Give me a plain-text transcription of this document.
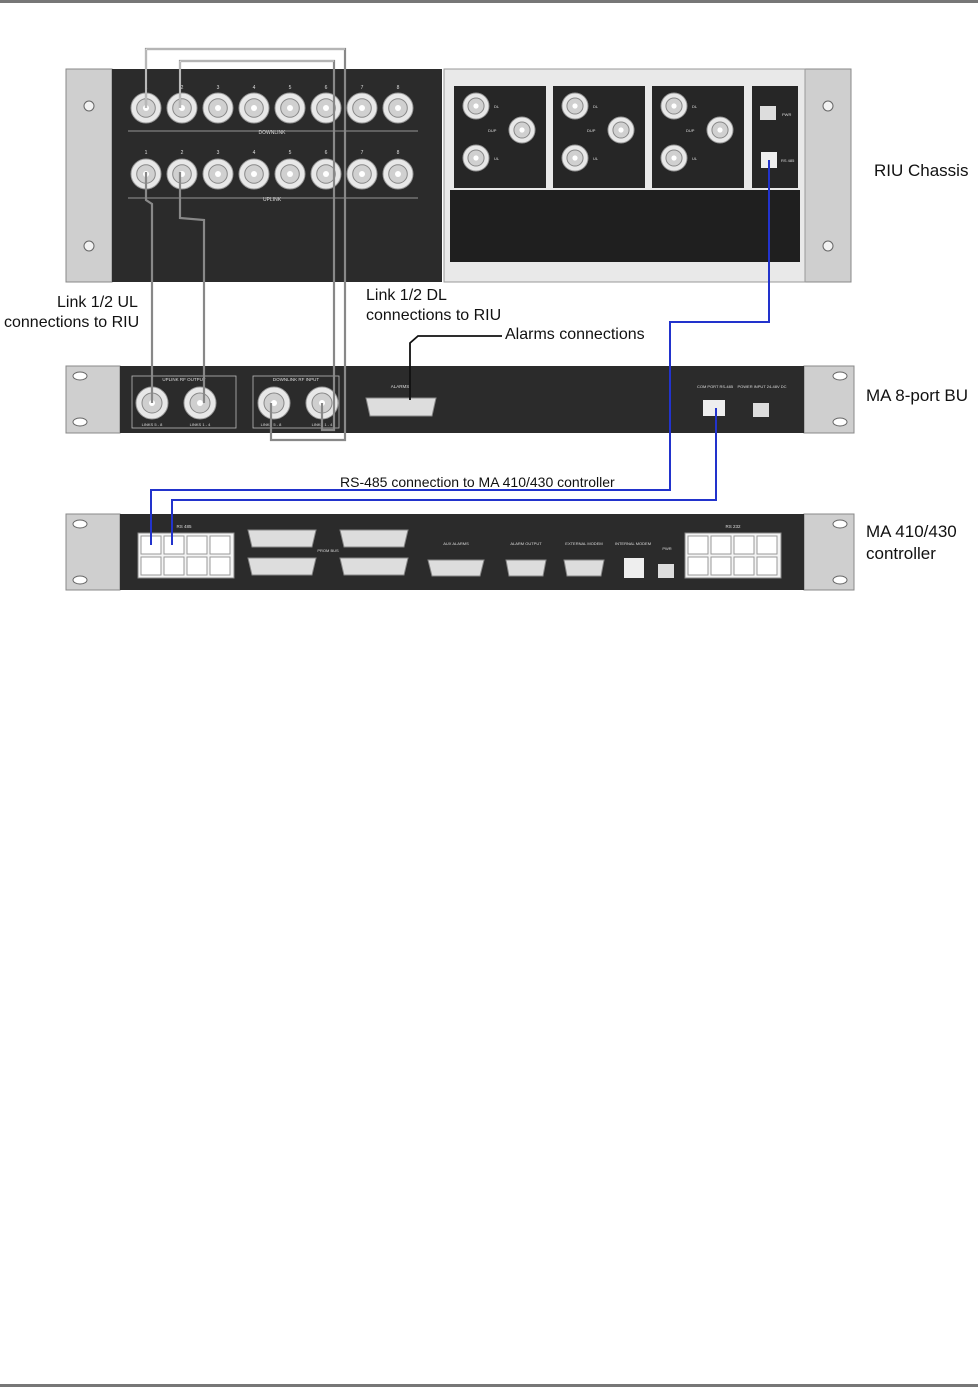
RIU Chassis
MA 8-port BU
MA 410/430
controller
Link 1/2 UL
connections to RIU
Link 1/2 DL
connections to RIU
Alarms connections
RS-485 connection to MA 410/430 controller
1
1
2
2
3
3
4
4
5
5
6
6
7
7
8
8
DOWNLINK
UPLINK
DL
DUP
UL
DL
DUP
UL
DL
DUP
UL
PWR
RS 485
UPLINK RF OUTPUT
LINKS 5 - 8	LINKS 1 - 4
DOWNLINK RF INPUT
LINKS 5 - 8	LINKS 1 - 4
ALARMS	COM PORT RS-485 POWER INPUT 24-48V DC
RS 485	RS 232
PROM BUS
AUX ALARMS	ALARM OUTPUT	EXTERNAL MODEM	INTERNAL MODEM
PWR
